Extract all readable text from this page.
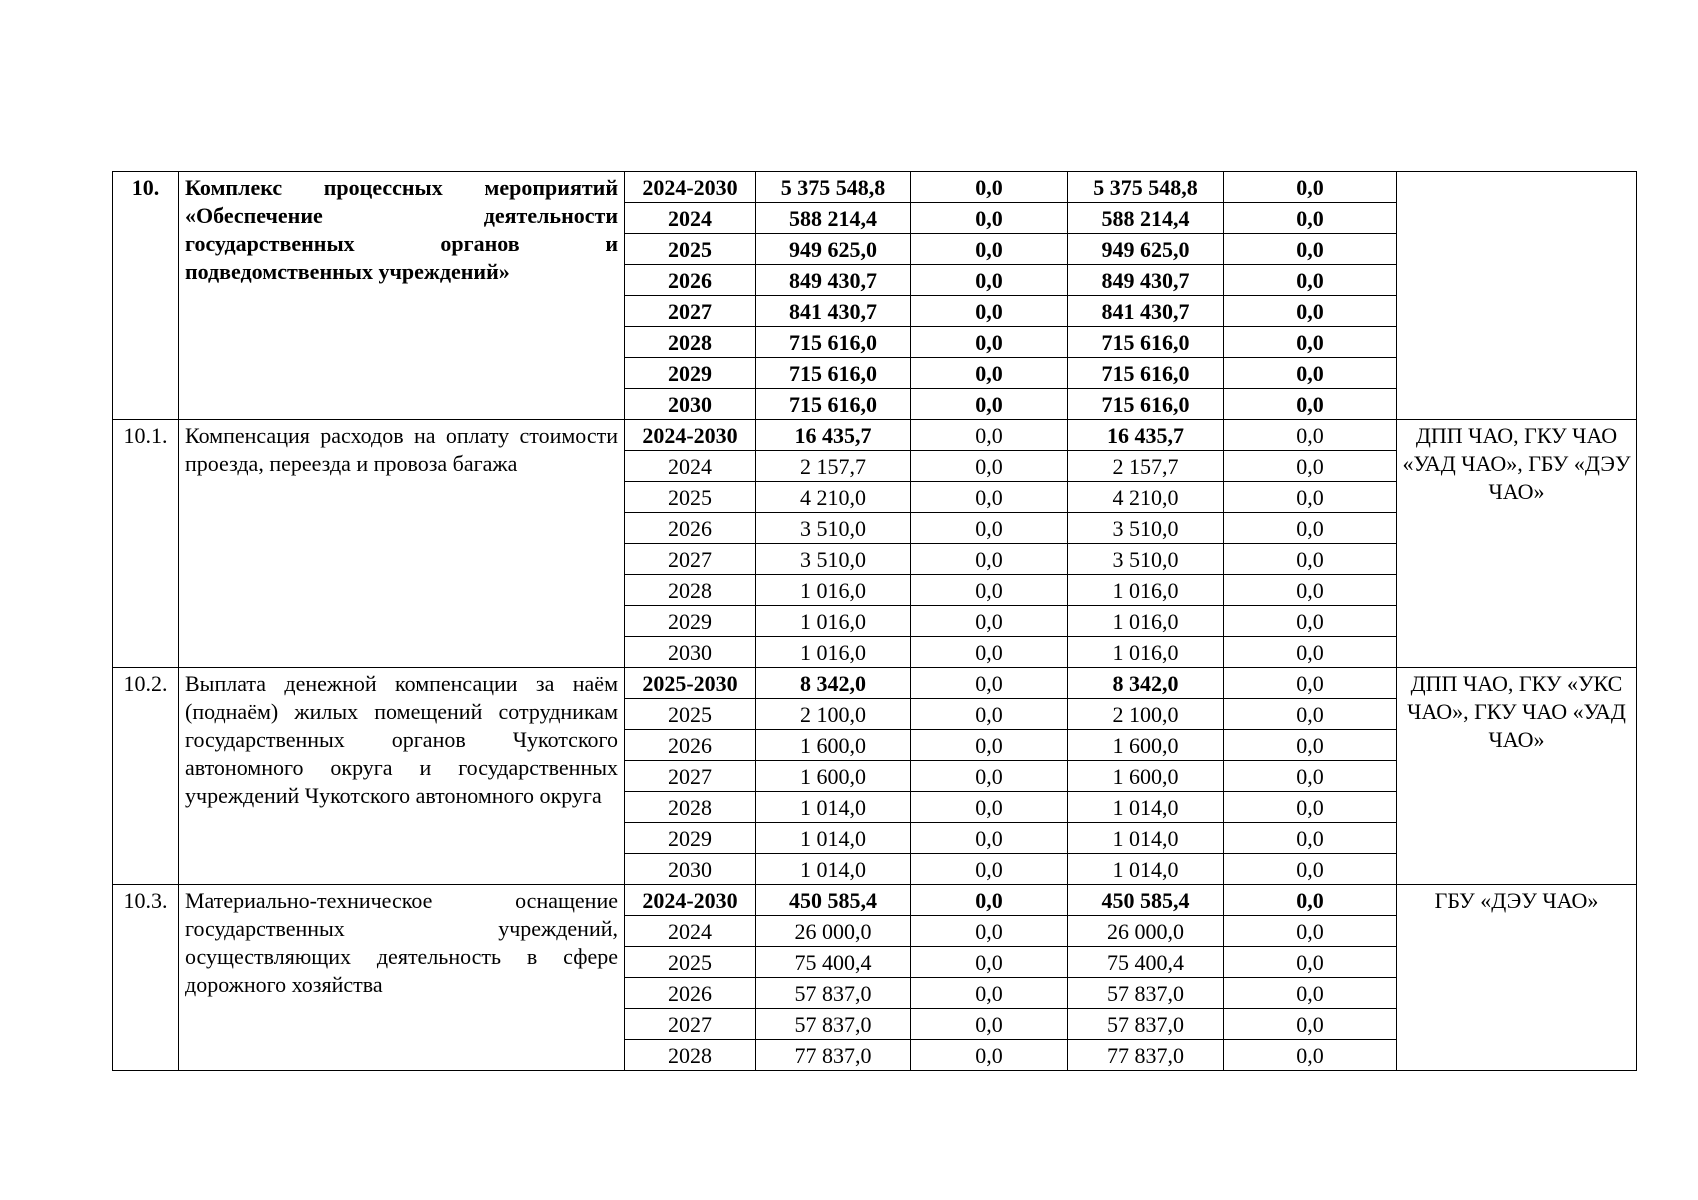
10.	Комплекс процессных мероприятий «Обеспечение деятельности государственных органов и подведомственных учреждений»	2024-2030	5 375 548,8	0,0	5 375 548,8	0,0	
		2024	588 214,4	0,0	588 214,4	0,0	
		2025	949 625,0	0,0	949 625,0	0,0	
		2026	849 430,7	0,0	849 430,7	0,0	
		2027	841 430,7	0,0	841 430,7	0,0	
		2028	715 616,0	0,0	715 616,0	0,0	
		2029	715 616,0	0,0	715 616,0	0,0	
		2030	715 616,0	0,0	715 616,0	0,0	
10.1.	Компенсация расходов на оплату стоимости проезда, переезда и провоза багажа	2024-2030	16 435,7	0,0	16 435,7	0,0	ДПП ЧАО, ГКУ ЧАО «УАД ЧАО», ГБУ «ДЭУ ЧАО»
		2024	2 157,7	0,0	2 157,7	0,0	
		2025	4 210,0	0,0	4 210,0	0,0	
		2026	3 510,0	0,0	3 510,0	0,0	
		2027	3 510,0	0,0	3 510,0	0,0	
		2028	1 016,0	0,0	1 016,0	0,0	
		2029	1 016,0	0,0	1 016,0	0,0	
		2030	1 016,0	0,0	1 016,0	0,0	
10.2.	Выплата денежной компенсации за наём (поднаём) жилых помещений сотрудникам государственных органов Чукотского автономного округа и государственных учреждений Чукотского автономного округа	2025-2030	8 342,0	0,0	8 342,0	0,0	ДПП ЧАО, ГКУ «УКС ЧАО», ГКУ ЧАО «УАД ЧАО»
		2025	2 100,0	0,0	2 100,0	0,0	
		2026	1 600,0	0,0	1 600,0	0,0	
		2027	1 600,0	0,0	1 600,0	0,0	
		2028	1 014,0	0,0	1 014,0	0,0	
		2029	1 014,0	0,0	1 014,0	0,0	
		2030	1 014,0	0,0	1 014,0	0,0	
10.3.	Материально-техническое оснащение государственных учреждений, осуществляющих деятельность в сфере дорожного хозяйства	2024-2030	450 585,4	0,0	450 585,4	0,0	ГБУ «ДЭУ ЧАО»
		2024	26 000,0	0,0	26 000,0	0,0	
		2025	75 400,4	0,0	75 400,4	0,0	
		2026	57 837,0	0,0	57 837,0	0,0	
		2027	57 837,0	0,0	57 837,0	0,0	
		2028	77 837,0	0,0	77 837,0	0,0	
